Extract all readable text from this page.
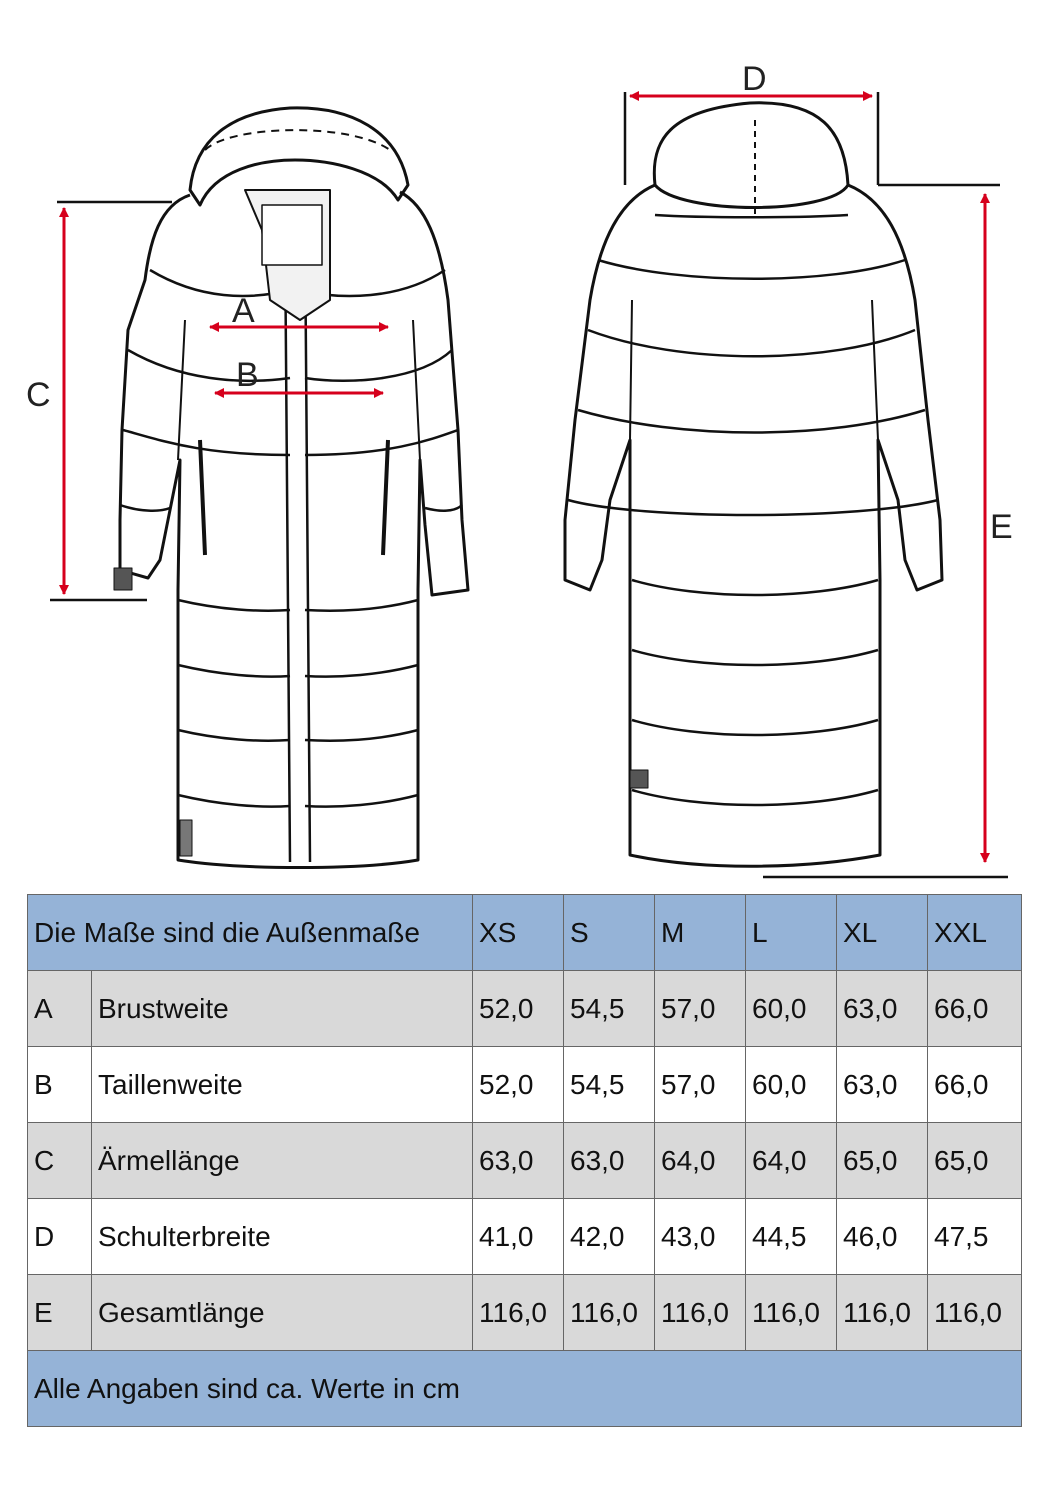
A
B
C
D
E
Die Maße sind die Außenmaße		XS	S	M	L	XL	XXL
A	Brustweite	52,0	54,5	57,0	60,0	63,0	66,0
B	Taillenweite	52,0	54,5	57,0	60,0	63,0	66,0
C	Ärmellänge	63,0	63,0	64,0	64,0	65,0	65,0
D	Schulterbreite	41,0	42,0	43,0	44,5	46,0	47,5
E	Gesamtlänge	116,0	116,0	116,0	116,0	116,0	116,0
Alle Angaben sind ca. Werte in cm							
